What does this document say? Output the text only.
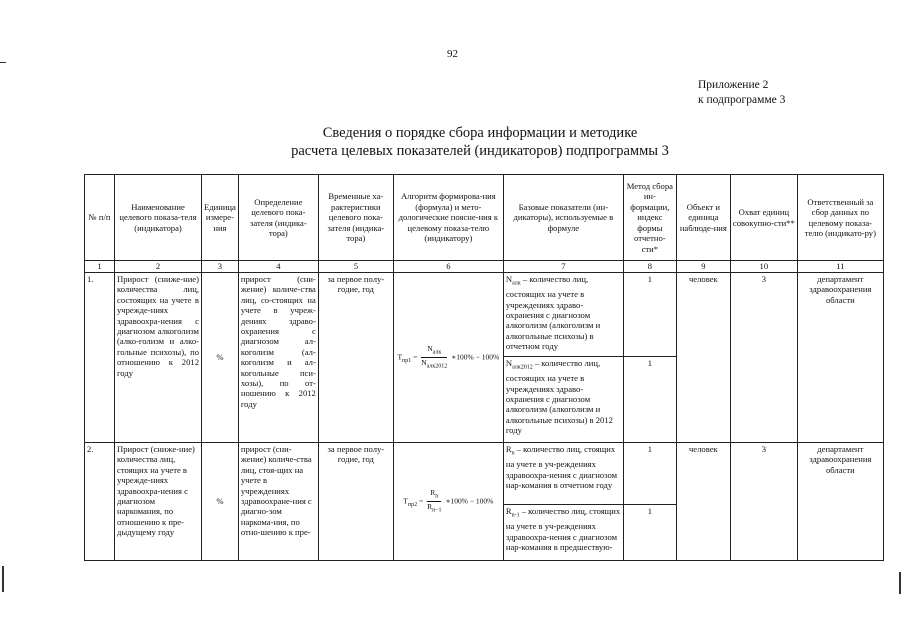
92
Приложение 2
к подпрограмме 3
Сведения о порядке сбора информации и методике
расчета целевых показателей (индикаторов) подпрограммы 3
№ п/п	Наименование целевого показа-теля (индикатора)	Единица измере-ния	Определение целевого пока-зателя (индика-тора)	Временные ха-рактеристики целевого пока-зателя (индика-тора)	Алгоритм формирова-ния (формула) и мето-дологические поясне-ния к целевому показа-телю (индикатору)	Базовые показатели (ин-дикаторы), используемые в формуле	Метод сбора ин-формации, индекс формы отчетно-сти*	Объект и единица наблюде-ния	Охват единиц совокупно-сти**	Ответственный за сбор данных по целевому показа-телю (индикато-ру)
1	2	3	4	5	6	7	8	9	10	11
1.	Прирост (сниже-ние) количества лиц, состоящих на учете в учрежде-ниях здравоохра-нения с диагнозом алкоголизм (алко-голизм и алко-гольные психозы), по отношению к 2012 году	%	прирост (сни-жение) количе-ства лиц, со-стоящих на учете в учреж-дениях здраво-охранения с диагнозом ал-коголизм (ал-коголизм и ал-когольные пси-хозы), по от-ношению к 2012 году	за первое полу-годие, год	$T_{пр1} = \frac{N_{алк}}{N_{алк2012}}$ ∗100% − 100%	$N_{алк}$ – количество лиц, состоящих на учете в учреждениях здраво-охранения с диагнозом алкоголизм (алкоголизм и алкогольные психозы) в отчетном году	1	человек	3	департамент здравоохранения области
						$N_{алк2012}$ – количество лиц, состоящих на учете в учреждениях здраво-охранения с диагнозом алкоголизм (алкоголизм и алкогольные психозы) в 2012 году	1			
2.	Прирост (сниже-ние) количества лиц, стоящих на учете в учрежде-ниях здравоохра-нения с диагнозом наркомания, по отношению к пре-дыдущему году	%	прирост (сни-жение) количе-ства лиц, стоя-щих на учете в учреждениях здравоохране-ния с диагно-зом наркома-ния, по отно-шению к пре-	за первое полу-годие, год	$T_{пр2} = \frac{R_n}{R_{n-1}}$ ∗100% − 100%	$R_n$ – количество лиц, стоящих на учете в уч-реждениях здравоохра-нения с диагнозом нар-комания в отчетном году	1	человек	3	департамент здравоохранения области
						$R_{n-1}$ – количество лиц, стоящих на учете в уч-реждениях здравоохра-нения с диагнозом нар-комания в предшествую-	1			
